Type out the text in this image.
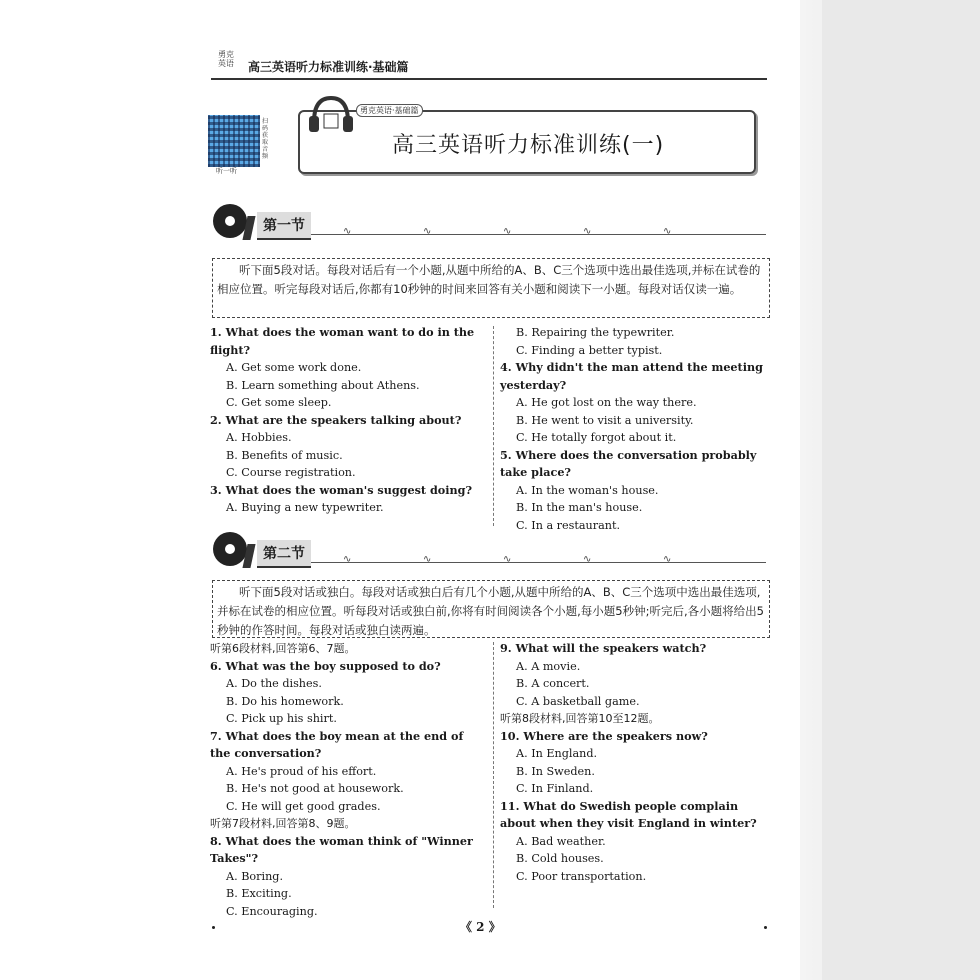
勇克
英语	高三英语听力标准训练·基础篇
扫码获取音频
听一听
勇克英语·基础篇
高三英语听力标准训练(一)
第一节	∿	∿	∿	∿	∿
听下面5段对话。每段对话后有一个小题,从题中所给的A、B、C三个选项中选出最佳选项,并标在试卷的相应位置。听完每段对话后,你都有10秒钟的时间来回答有关小题和阅读下一小题。每段对话仅读一遍。
1. What does the woman want to do in the flight?
A. Get some work done.
B. Learn something about Athens.
C. Get some sleep.
2. What are the speakers talking about?
A. Hobbies.
B. Benefits of music.
C. Course registration.
3. What does the woman's suggest doing?
A. Buying a new typewriter.
B. Repairing the typewriter.
C. Finding a better typist.
4. Why didn't the man attend the meeting yesterday?
A. He got lost on the way there.
B. He went to visit a university.
C. He totally forgot about it.
5. Where does the conversation probably take place?
A. In the woman's house.
B. In the man's house.
C. In a restaurant.
第二节	∿	∿	∿	∿	∿
听下面5段对话或独白。每段对话或独白后有几个小题,从题中所给的A、B、C三个选项中选出最佳选项,并标在试卷的相应位置。听每段对话或独白前,你将有时间阅读各个小题,每小题5秒钟;听完后,各小题将给出5秒钟的作答时间。每段对话或独白读两遍。
听第6段材料,回答第6、7题。
6. What was the boy supposed to do?
A. Do the dishes.
B. Do his homework.
C. Pick up his shirt.
7. What does the boy mean at the end of the conversation?
A. He's proud of his effort.
B. He's not good at housework.
C. He will get good grades.
听第7段材料,回答第8、9题。
8. What does the woman think of "Winner Takes"?
A. Boring.
B. Exciting.
C. Encouraging.
9. What will the speakers watch?
A. A movie.
B. A concert.
C. A basketball game.
听第8段材料,回答第10至12题。
10. Where are the speakers now?
A. In England.
B. In Sweden.
C. In Finland.
11. What do Swedish people complain about when they visit England in winter?
A. Bad weather.
B. Cold houses.
C. Poor transportation.
《 2 》
